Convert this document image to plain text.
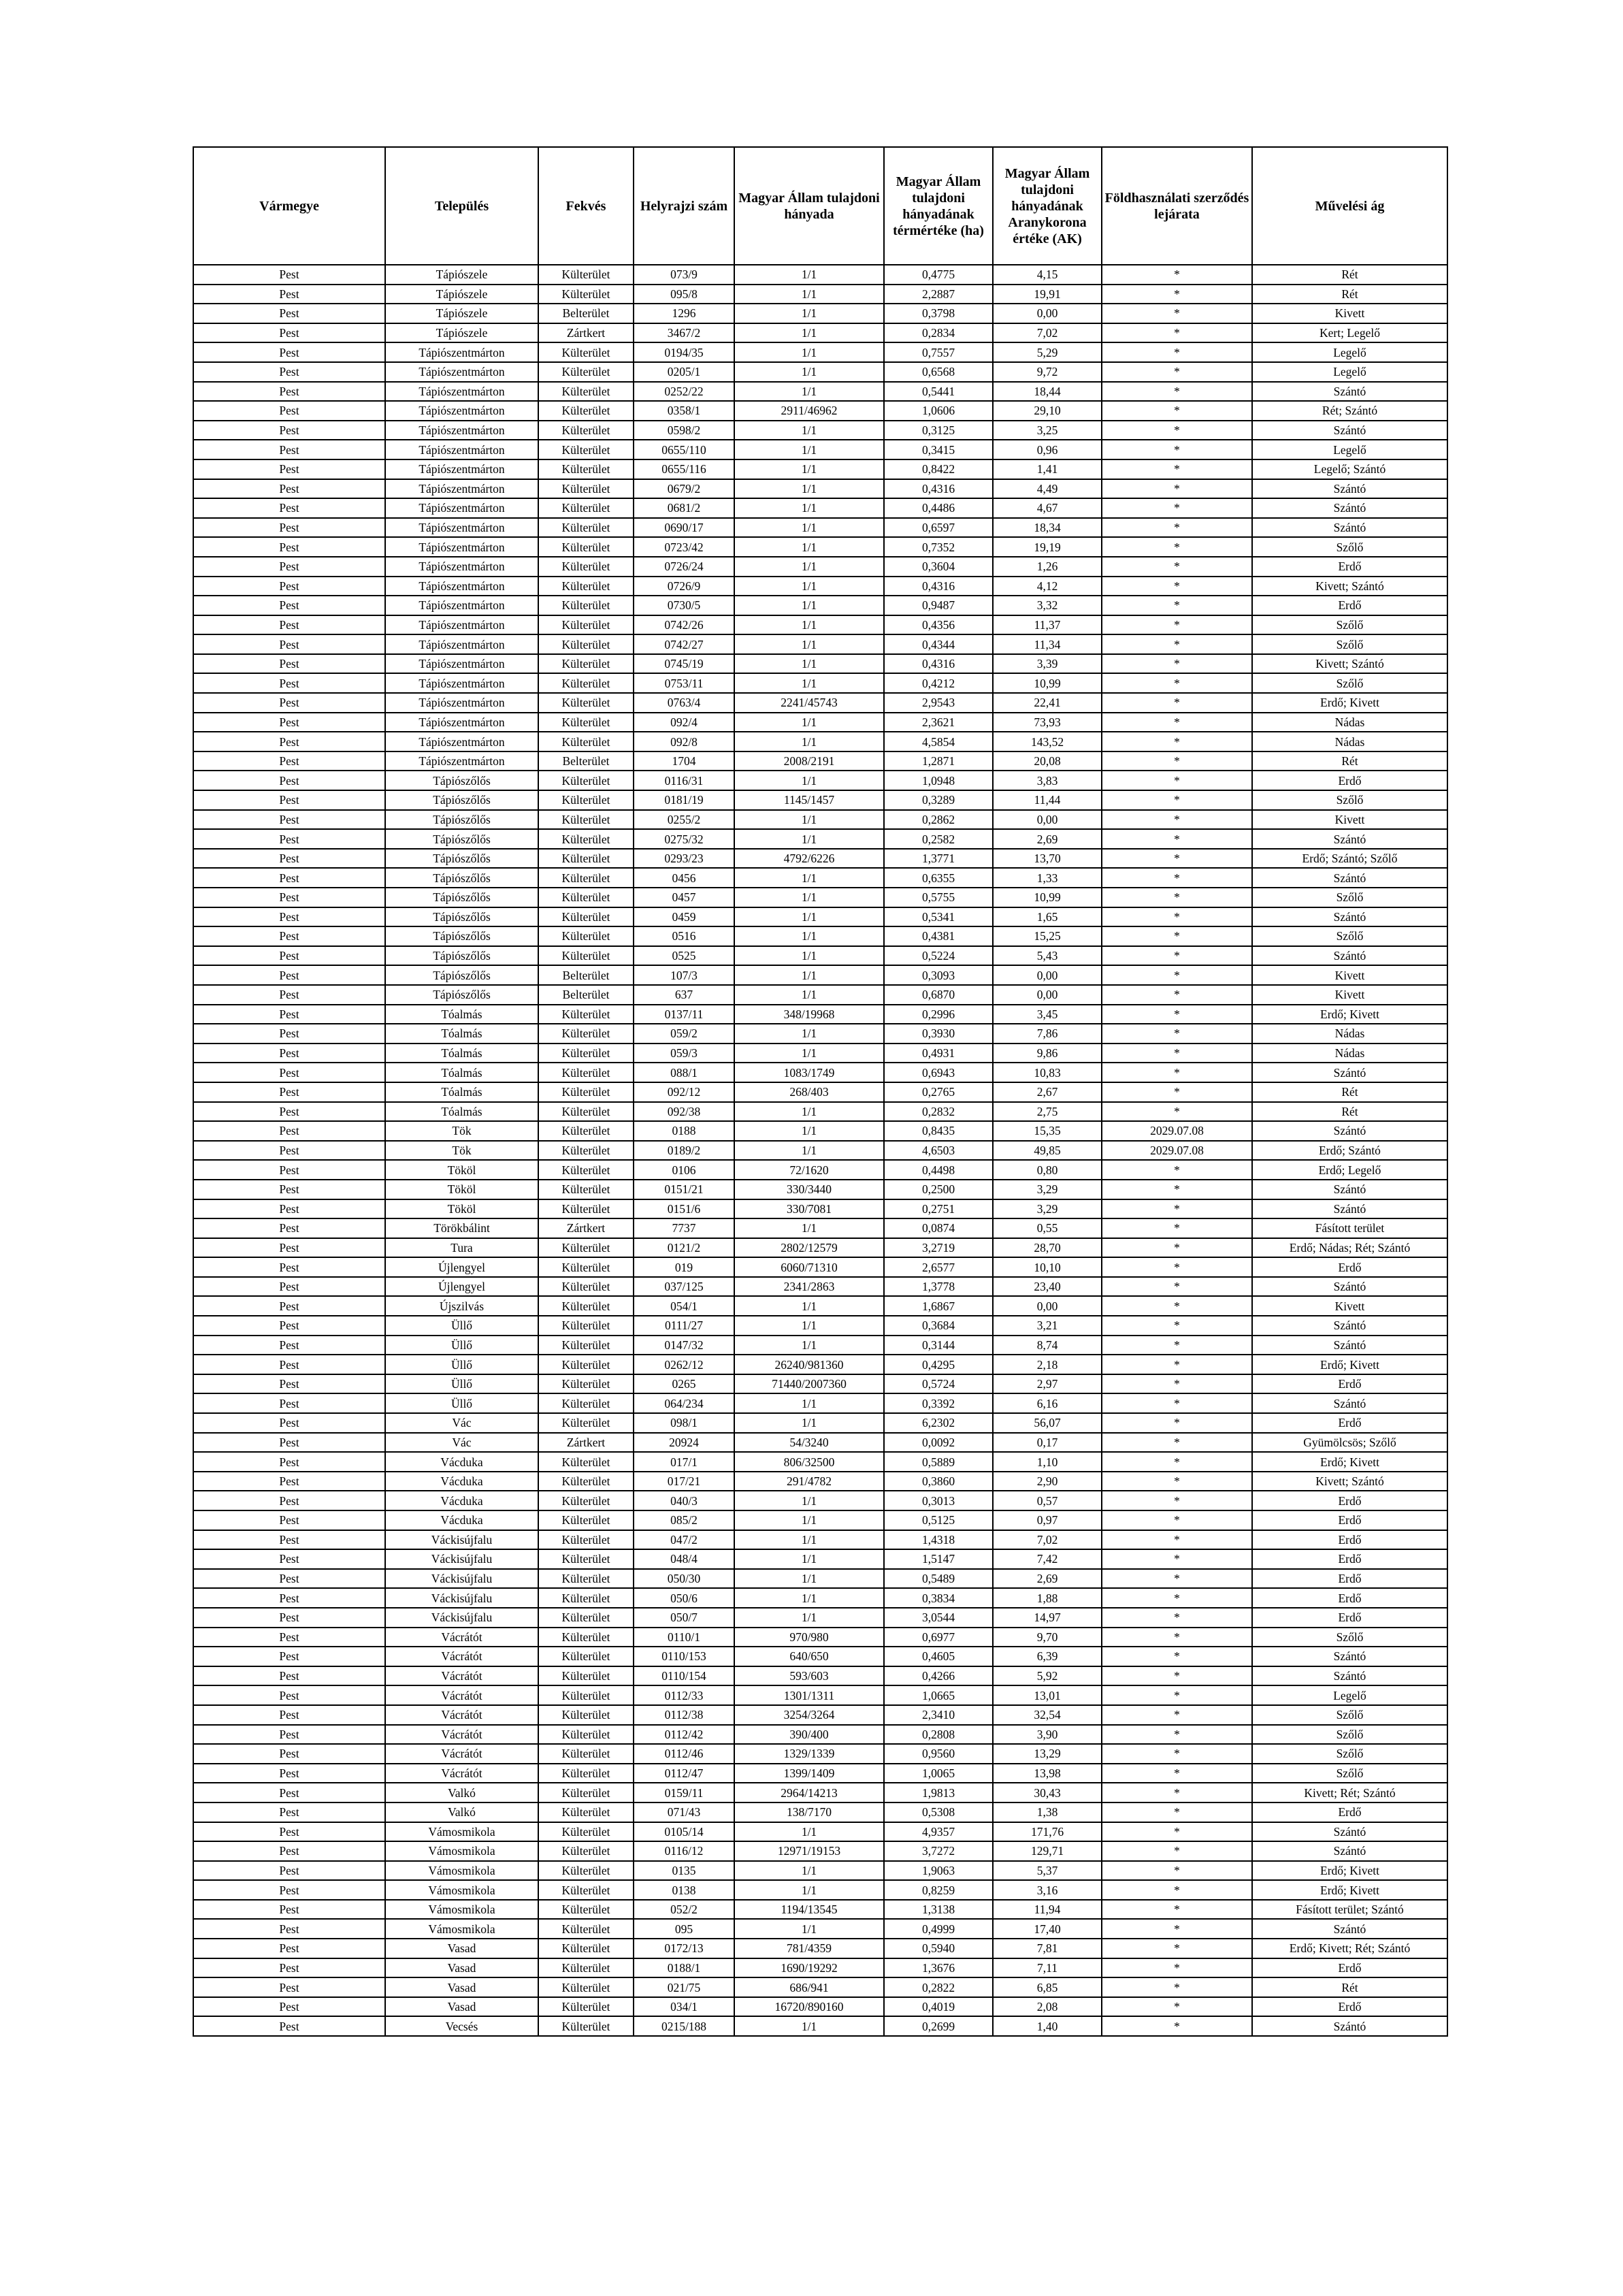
Vármegye	Település	Fekvés	Helyrajzi szám	Magyar Állam tulajdoni hányada	Magyar Állam tulajdoni hányadának térmértéke (ha)	Magyar Állam tulajdoni hányadának Aranykorona értéke (AK)	Földhasználati szerződés lejárata	Művelési ág
Pest	Tápiószele	Külterület	073/9	1/1	0,4775	4,15	*	Rét
Pest	Tápiószele	Külterület	095/8	1/1	2,2887	19,91	*	Rét
Pest	Tápiószele	Belterület	1296	1/1	0,3798	0,00	*	Kivett
Pest	Tápiószele	Zártkert	3467/2	1/1	0,2834	7,02	*	Kert; Legelő
Pest	Tápiószentmárton	Külterület	0194/35	1/1	0,7557	5,29	*	Legelő
Pest	Tápiószentmárton	Külterület	0205/1	1/1	0,6568	9,72	*	Legelő
Pest	Tápiószentmárton	Külterület	0252/22	1/1	0,5441	18,44	*	Szántó
Pest	Tápiószentmárton	Külterület	0358/1	2911/46962	1,0606	29,10	*	Rét; Szántó
Pest	Tápiószentmárton	Külterület	0598/2	1/1	0,3125	3,25	*	Szántó
Pest	Tápiószentmárton	Külterület	0655/110	1/1	0,3415	0,96	*	Legelő
Pest	Tápiószentmárton	Külterület	0655/116	1/1	0,8422	1,41	*	Legelő; Szántó
Pest	Tápiószentmárton	Külterület	0679/2	1/1	0,4316	4,49	*	Szántó
Pest	Tápiószentmárton	Külterület	0681/2	1/1	0,4486	4,67	*	Szántó
Pest	Tápiószentmárton	Külterület	0690/17	1/1	0,6597	18,34	*	Szántó
Pest	Tápiószentmárton	Külterület	0723/42	1/1	0,7352	19,19	*	Szőlő
Pest	Tápiószentmárton	Külterület	0726/24	1/1	0,3604	1,26	*	Erdő
Pest	Tápiószentmárton	Külterület	0726/9	1/1	0,4316	4,12	*	Kivett; Szántó
Pest	Tápiószentmárton	Külterület	0730/5	1/1	0,9487	3,32	*	Erdő
Pest	Tápiószentmárton	Külterület	0742/26	1/1	0,4356	11,37	*	Szőlő
Pest	Tápiószentmárton	Külterület	0742/27	1/1	0,4344	11,34	*	Szőlő
Pest	Tápiószentmárton	Külterület	0745/19	1/1	0,4316	3,39	*	Kivett; Szántó
Pest	Tápiószentmárton	Külterület	0753/11	1/1	0,4212	10,99	*	Szőlő
Pest	Tápiószentmárton	Külterület	0763/4	2241/45743	2,9543	22,41	*	Erdő; Kivett
Pest	Tápiószentmárton	Külterület	092/4	1/1	2,3621	73,93	*	Nádas
Pest	Tápiószentmárton	Külterület	092/8	1/1	4,5854	143,52	*	Nádas
Pest	Tápiószentmárton	Belterület	1704	2008/2191	1,2871	20,08	*	Rét
Pest	Tápiószőlős	Külterület	0116/31	1/1	1,0948	3,83	*	Erdő
Pest	Tápiószőlős	Külterület	0181/19	1145/1457	0,3289	11,44	*	Szőlő
Pest	Tápiószőlős	Külterület	0255/2	1/1	0,2862	0,00	*	Kivett
Pest	Tápiószőlős	Külterület	0275/32	1/1	0,2582	2,69	*	Szántó
Pest	Tápiószőlős	Külterület	0293/23	4792/6226	1,3771	13,70	*	Erdő; Szántó; Szőlő
Pest	Tápiószőlős	Külterület	0456	1/1	0,6355	1,33	*	Szántó
Pest	Tápiószőlős	Külterület	0457	1/1	0,5755	10,99	*	Szőlő
Pest	Tápiószőlős	Külterület	0459	1/1	0,5341	1,65	*	Szántó
Pest	Tápiószőlős	Külterület	0516	1/1	0,4381	15,25	*	Szőlő
Pest	Tápiószőlős	Külterület	0525	1/1	0,5224	5,43	*	Szántó
Pest	Tápiószőlős	Belterület	107/3	1/1	0,3093	0,00	*	Kivett
Pest	Tápiószőlős	Belterület	637	1/1	0,6870	0,00	*	Kivett
Pest	Tóalmás	Külterület	0137/11	348/19968	0,2996	3,45	*	Erdő; Kivett
Pest	Tóalmás	Külterület	059/2	1/1	0,3930	7,86	*	Nádas
Pest	Tóalmás	Külterület	059/3	1/1	0,4931	9,86	*	Nádas
Pest	Tóalmás	Külterület	088/1	1083/1749	0,6943	10,83	*	Szántó
Pest	Tóalmás	Külterület	092/12	268/403	0,2765	2,67	*	Rét
Pest	Tóalmás	Külterület	092/38	1/1	0,2832	2,75	*	Rét
Pest	Tök	Külterület	0188	1/1	0,8435	15,35	2029.07.08	Szántó
Pest	Tök	Külterület	0189/2	1/1	4,6503	49,85	2029.07.08	Erdő; Szántó
Pest	Tököl	Külterület	0106	72/1620	0,4498	0,80	*	Erdő; Legelő
Pest	Tököl	Külterület	0151/21	330/3440	0,2500	3,29	*	Szántó
Pest	Tököl	Külterület	0151/6	330/7081	0,2751	3,29	*	Szántó
Pest	Törökbálint	Zártkert	7737	1/1	0,0874	0,55	*	Fásított terület
Pest	Tura	Külterület	0121/2	2802/12579	3,2719	28,70	*	Erdő; Nádas; Rét; Szántó
Pest	Újlengyel	Külterület	019	6060/71310	2,6577	10,10	*	Erdő
Pest	Újlengyel	Külterület	037/125	2341/2863	1,3778	23,40	*	Szántó
Pest	Újszilvás	Külterület	054/1	1/1	1,6867	0,00	*	Kivett
Pest	Üllő	Külterület	0111/27	1/1	0,3684	3,21	*	Szántó
Pest	Üllő	Külterület	0147/32	1/1	0,3144	8,74	*	Szántó
Pest	Üllő	Külterület	0262/12	26240/981360	0,4295	2,18	*	Erdő; Kivett
Pest	Üllő	Külterület	0265	71440/2007360	0,5724	2,97	*	Erdő
Pest	Üllő	Külterület	064/234	1/1	0,3392	6,16	*	Szántó
Pest	Vác	Külterület	098/1	1/1	6,2302	56,07	*	Erdő
Pest	Vác	Zártkert	20924	54/3240	0,0092	0,17	*	Gyümölcsös; Szőlő
Pest	Vácduka	Külterület	017/1	806/32500	0,5889	1,10	*	Erdő; Kivett
Pest	Vácduka	Külterület	017/21	291/4782	0,3860	2,90	*	Kivett; Szántó
Pest	Vácduka	Külterület	040/3	1/1	0,3013	0,57	*	Erdő
Pest	Vácduka	Külterület	085/2	1/1	0,5125	0,97	*	Erdő
Pest	Váckisújfalu	Külterület	047/2	1/1	1,4318	7,02	*	Erdő
Pest	Váckisújfalu	Külterület	048/4	1/1	1,5147	7,42	*	Erdő
Pest	Váckisújfalu	Külterület	050/30	1/1	0,5489	2,69	*	Erdő
Pest	Váckisújfalu	Külterület	050/6	1/1	0,3834	1,88	*	Erdő
Pest	Váckisújfalu	Külterület	050/7	1/1	3,0544	14,97	*	Erdő
Pest	Vácrátót	Külterület	0110/1	970/980	0,6977	9,70	*	Szőlő
Pest	Vácrátót	Külterület	0110/153	640/650	0,4605	6,39	*	Szántó
Pest	Vácrátót	Külterület	0110/154	593/603	0,4266	5,92	*	Szántó
Pest	Vácrátót	Külterület	0112/33	1301/1311	1,0665	13,01	*	Legelő
Pest	Vácrátót	Külterület	0112/38	3254/3264	2,3410	32,54	*	Szőlő
Pest	Vácrátót	Külterület	0112/42	390/400	0,2808	3,90	*	Szőlő
Pest	Vácrátót	Külterület	0112/46	1329/1339	0,9560	13,29	*	Szőlő
Pest	Vácrátót	Külterület	0112/47	1399/1409	1,0065	13,98	*	Szőlő
Pest	Valkó	Külterület	0159/11	2964/14213	1,9813	30,43	*	Kivett; Rét; Szántó
Pest	Valkó	Külterület	071/43	138/7170	0,5308	1,38	*	Erdő
Pest	Vámosmikola	Külterület	0105/14	1/1	4,9357	171,76	*	Szántó
Pest	Vámosmikola	Külterület	0116/12	12971/19153	3,7272	129,71	*	Szántó
Pest	Vámosmikola	Külterület	0135	1/1	1,9063	5,37	*	Erdő; Kivett
Pest	Vámosmikola	Külterület	0138	1/1	0,8259	3,16	*	Erdő; Kivett
Pest	Vámosmikola	Külterület	052/2	1194/13545	1,3138	11,94	*	Fásított terület; Szántó
Pest	Vámosmikola	Külterület	095	1/1	0,4999	17,40	*	Szántó
Pest	Vasad	Külterület	0172/13	781/4359	0,5940	7,81	*	Erdő; Kivett; Rét; Szántó
Pest	Vasad	Külterület	0188/1	1690/19292	1,3676	7,11	*	Erdő
Pest	Vasad	Külterület	021/75	686/941	0,2822	6,85	*	Rét
Pest	Vasad	Külterület	034/1	16720/890160	0,4019	2,08	*	Erdő
Pest	Vecsés	Külterület	0215/188	1/1	0,2699	1,40	*	Szántó
